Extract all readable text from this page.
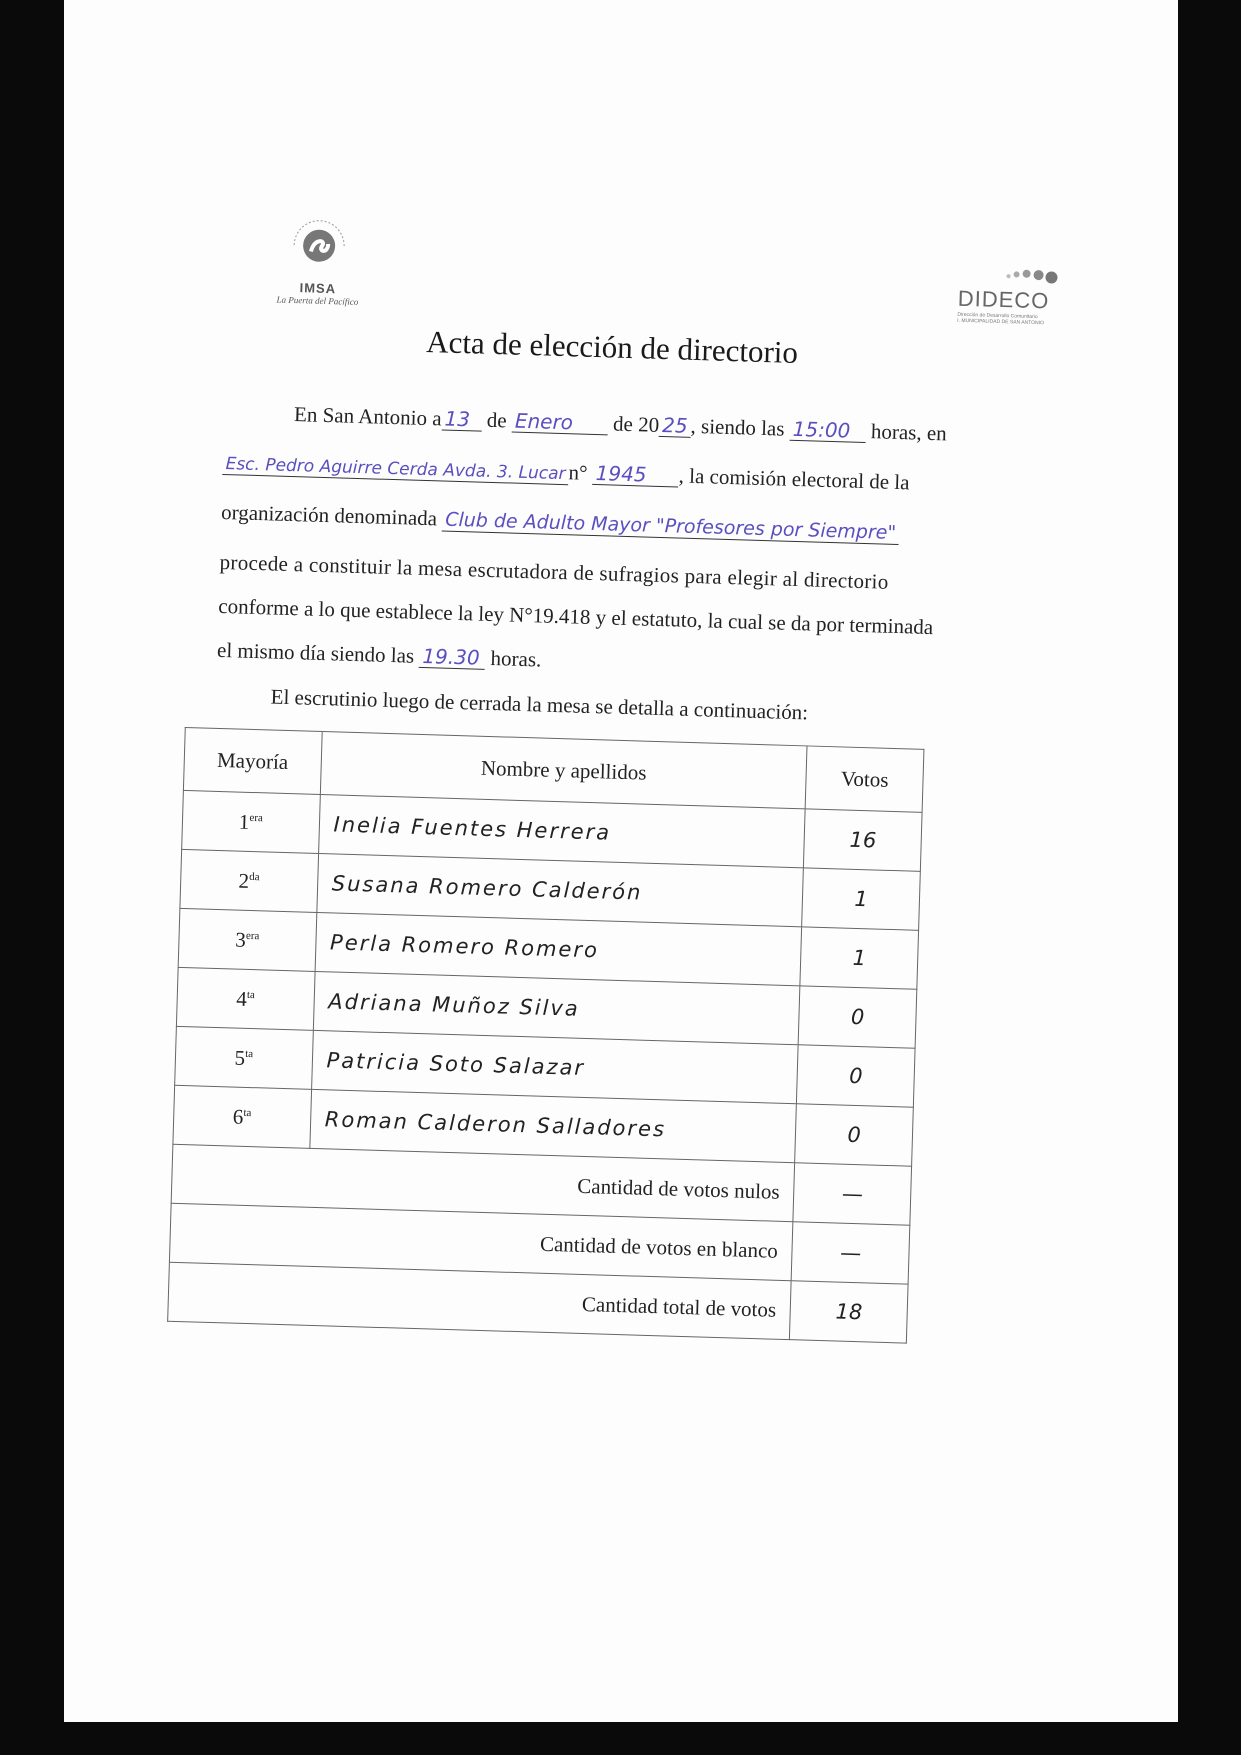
IMSA
La Puerta del Pacífico	DIDECO
Dirección de Desarrollo Comunitario
I. MUNICIPALIDAD DE SAN ANTONIO
Acta de elección de directorio
En San Antonio a 13 de Enero de 20 25 , siendo las 15:00 horas, en
Esc. Pedro Aguirre Cerda Avda. 3. Lucar n° 1945 , la comisión electoral de la
organización denominada Club de Adulto Mayor "Profesores por Siempre"
procede a constituir la mesa escrutadora de sufragios para elegir al directorio
conforme a lo que establece la ley N°19.418 y el estatuto, la cual se da por terminada
el mismo día siendo las 19.30 horas.
El escrutinio luego de cerrada la mesa se detalla a continuación:
Mayoría	Nombre y apellidos	Votos
$1^{era}$	Inelia Fuentes Herrera	16
$2^{da}$	Susana Romero Calderón	1
$3^{era}$	Perla Romero Romero	1
$4^{ta}$	Adriana Muñoz Silva	0
$5^{ta}$	Patricia Soto Salazar	0
$6^{ta}$	Roman Calderon Salladores	0
Cantidad de votos nulos		—
Cantidad de votos en blanco		—
Cantidad total de votos		18
